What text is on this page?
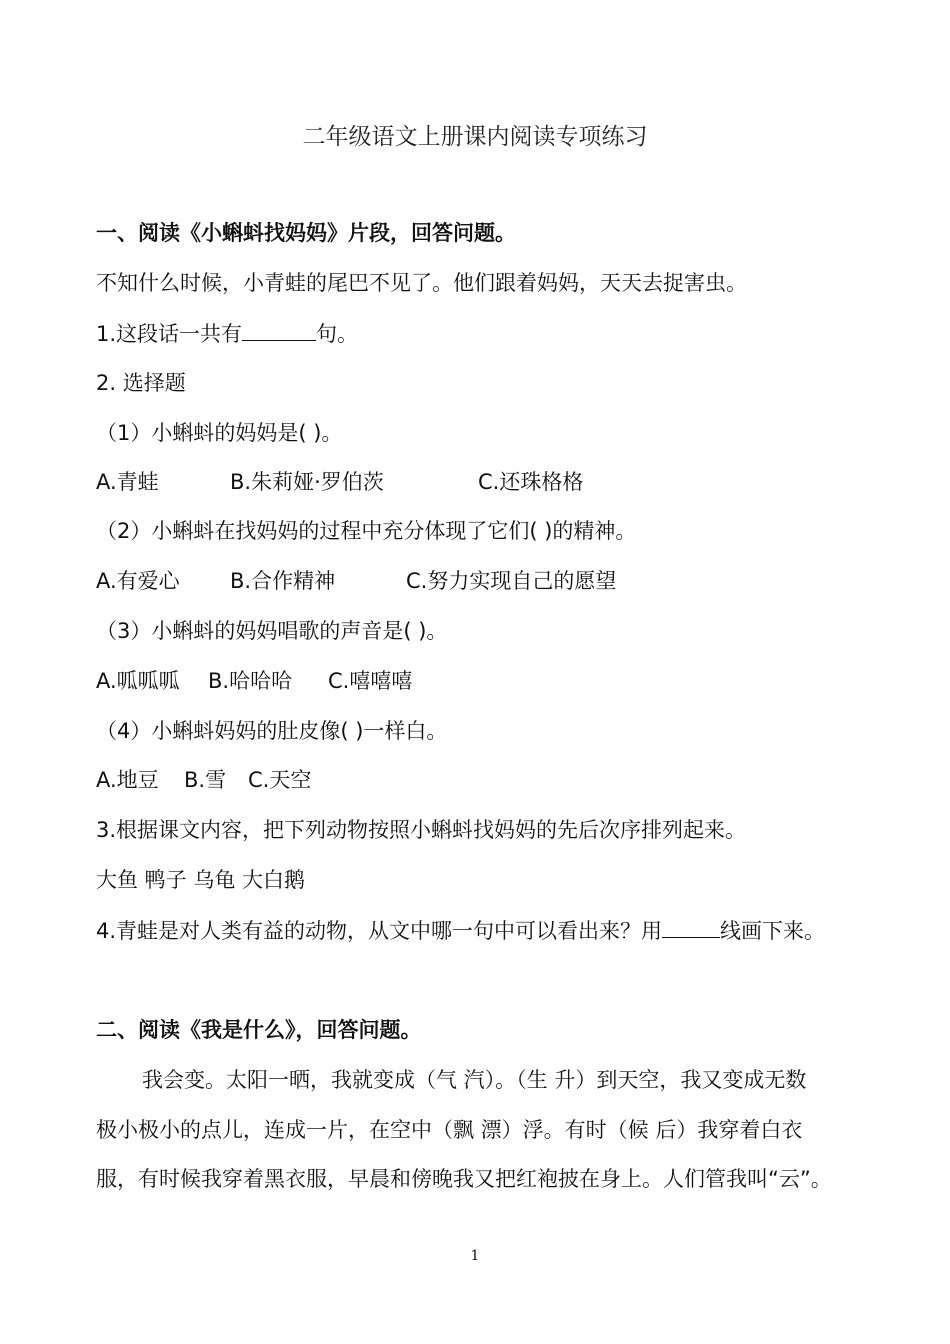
二年级语文上册课内阅读专项练习
一、阅读《小蝌蚪找妈妈》片段，回答问题。
不知什么时候，小青蛙的尾巴不见了。他们跟着妈妈，天天去捉害虫。
1.这段话一共有	句。
2. 选择题
（1）小蝌蚪的妈妈是( )。
A.青蛙	B.朱莉娅·罗伯茨	C.还珠格格
（2）小蝌蚪在找妈妈的过程中充分体现了它们( )的精神。
A.有爱心 B.合作精神	C.努力实现自己的愿望
（3）小蝌蚪的妈妈唱歌的声音是( )。
A.呱呱呱 B.哈哈哈 C.嘻嘻嘻
（4）小蝌蚪妈妈的肚皮像( )一样白。
A.地豆 B.雪 C.天空
3.根据课文内容，把下列动物按照小蝌蚪找妈妈的先后次序排列起来。
大鱼 鸭子 乌龟 大白鹅
4.青蛙是对人类有益的动物，从文中哪一句中可以看出来？用	线画下来。
二、阅读《我是什么》，回答问题。
我会变。太阳一晒，我就变成（气 汽）。（生 升）到天空，我又变成无数
极小极小的点儿，连成一片，在空中（飘 漂）浮。有时（候 后）我穿着白衣
服，有时候我穿着黑衣服，早晨和傍晚我又把红袍披在身上。人们管我叫“云”。
1
